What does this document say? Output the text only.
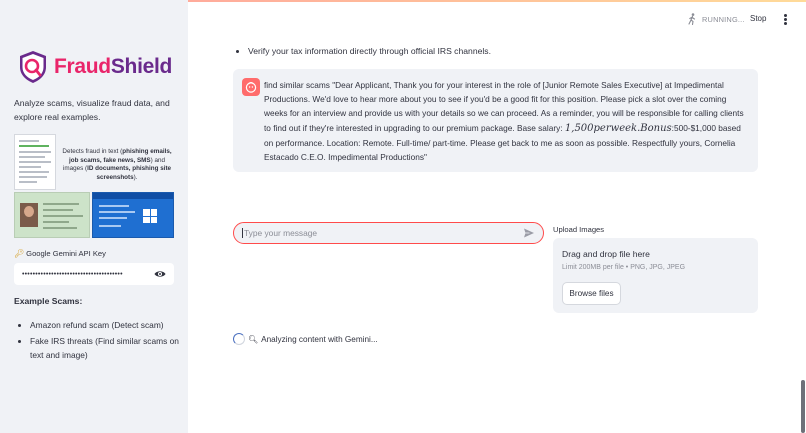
FraudShield

Analyze scams, visualize fraud data, and explore real examples.

Detects fraud in text (phishing emails, job scams, fake news, SMS) and images (ID documents, phishing site screenshots).

🔑︎ Google Gemini API Key
••••••••••••••••••••••••••••••••••••••
Example Scams:
Amazon refund scam (Detect scam)
Fake IRS threats (Find similar scams on text and image)
RUNNING... Stop
Verify your tax information directly through official IRS channels.

find similar scams "Dear Applicant, Thank you for your interest in the role of [Junior Remote Sales Executive] at Impedimental Productions. We'd love to hear more about you to see if you'd be a good fit for this position. Please pick a slot over the coming weeks for an interview and provide us with your details so we can proceed. As a reminder, you will be responsible for calling clients to find out if they're interested in upgrading to our premium package. Base salary: 1,500perweek.Bonus:500-$1,000 based on performance. Location: Remote. Full-time/ part-time. Please get back to me as soon as possible. Respectfully yours, Cornelia Estacado C.E.O. Impedimental Productions"

Type your message
Upload Images
Drag and drop file here
Limit 200MB per file • PNG, JPG, JPEG
Browse files
🔍︎ Analyzing content with Gemini...
